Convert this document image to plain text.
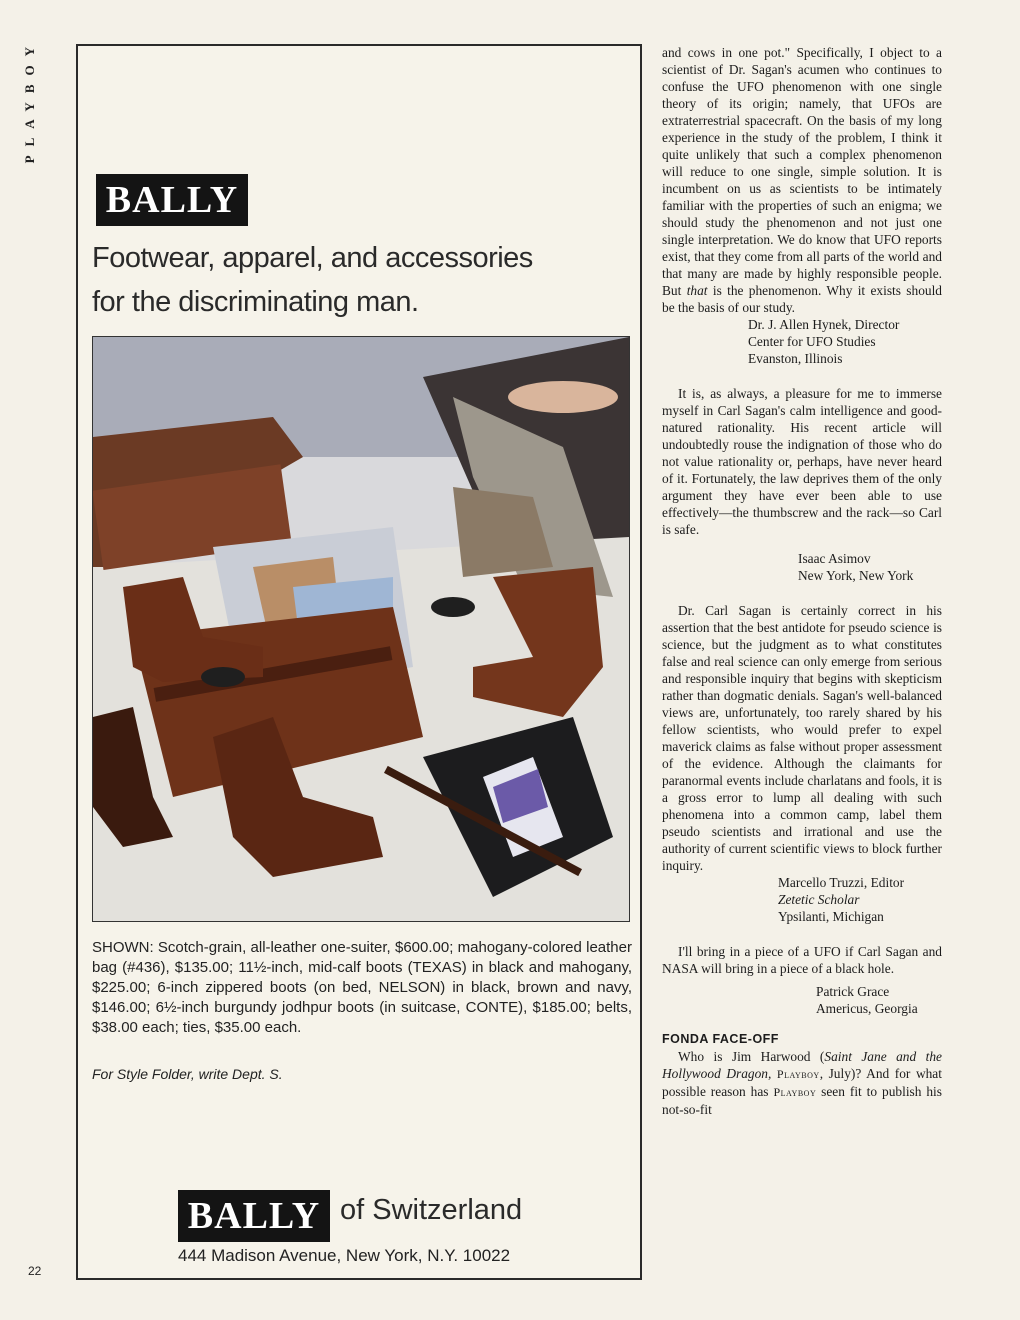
PLAYBOY
22
BALLY
Footwear, apparel, and accessories
for the discriminating man.
SHOWN: Scotch-grain, all-leather one-suiter, $600.00; mahogany-colored leather bag (#436), $135.00; 11½-inch, mid-calf boots (TEXAS) in black and mahogany, $225.00; 6-inch zippered boots (on bed, NELSON) in black, brown and navy, $146.00; 6½-inch burgundy jodhpur boots (in suitcase, CONTE), $185.00; belts, $38.00 each; ties, $35.00 each.
For Style Folder, write Dept. S.
BALLY of Switzerland
444 Madison Avenue, New York, N.Y. 10022

and cows in one pot." Specifically, I object to a scientist of Dr. Sagan's acumen who continues to confuse the UFO phenomenon with one single theory of its origin; namely, that UFOs are extraterrestrial spacecraft. On the basis of my long experience in the study of the problem, I think it quite unlikely that such a complex phenomenon will reduce to one single, simple solution. It is incumbent on us as scientists to be intimately familiar with the properties of such an enigma; we should study the phenomenon and not just one single interpretation. We do know that UFO reports exist, that they come from all parts of the world and that many are made by highly responsible people. But that is the phenomenon. Why it exists should be the basis of our study.

Dr. J. Allen Hynek, Director

Center for UFO Studies

Evanston, Illinois

It is, as always, a pleasure for me to immerse myself in Carl Sagan's calm intelligence and good-natured rationality. His recent article will undoubtedly rouse the indignation of those who do not value rationality or, perhaps, have never heard of it. Fortunately, the law deprives them of the only argument they have ever been able to use effectively—the thumbscrew and the rack—so Carl is safe.

Isaac Asimov

New York, New York

Dr. Carl Sagan is certainly correct in his assertion that the best antidote for pseudo science is science, but the judgment as to what constitutes false and real science can only emerge from serious and responsible inquiry that begins with skepticism rather than dogmatic denials. Sagan's well-balanced views are, unfortunately, too rarely shared by his fellow scientists, who would prefer to expel maverick claims as false without proper assessment of the evidence. Although the claimants for paranormal events include charlatans and fools, it is a gross error to lump all dealing with such phenomena into a common camp, label them pseudo scientists and irrational and use the authority of current scientific views to block further inquiry.

Marcello Truzzi, Editor

Zetetic Scholar

Ypsilanti, Michigan

I'll bring in a piece of a UFO if Carl Sagan and NASA will bring in a piece of a black hole.

Patrick Grace

Americus, Georgia

FONDA FACE-OFF

Who is Jim Harwood (Saint Jane and the Hollywood Dragon, Playboy, July)? And for what possible reason has Playboy seen fit to publish his not-so-fit
